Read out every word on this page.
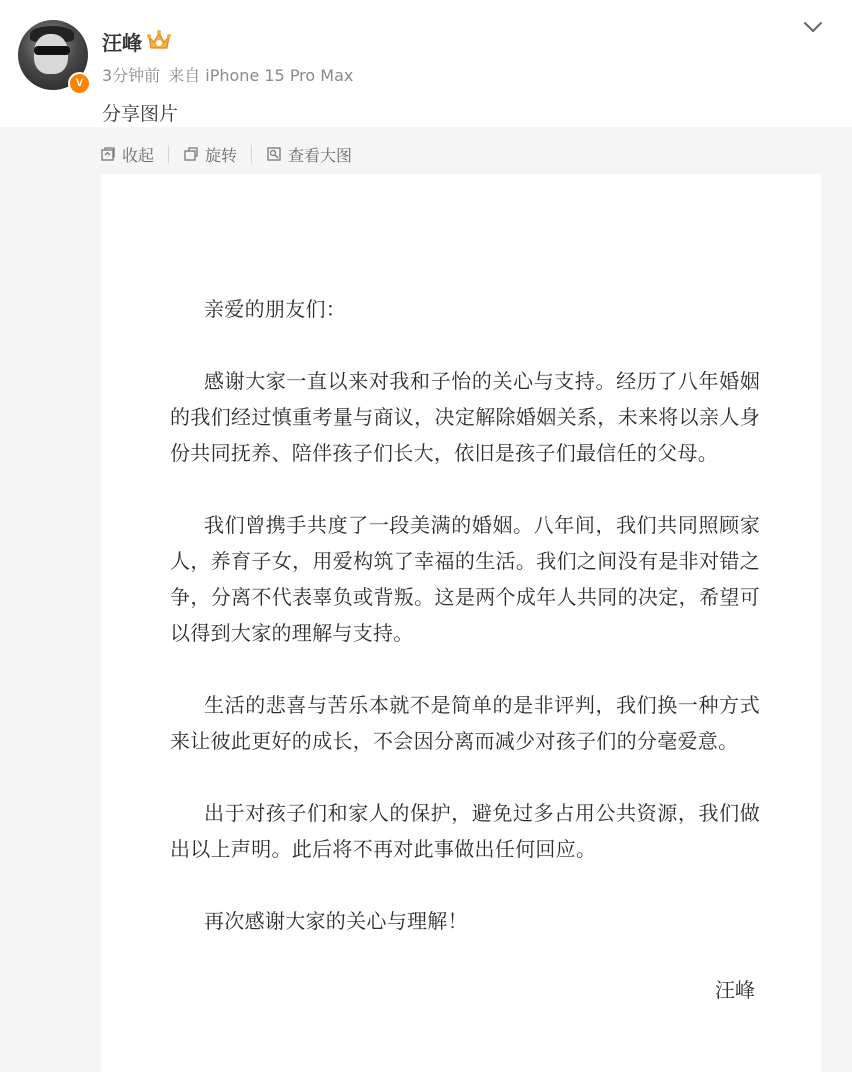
V
汪峰
3分钟前 来自 iPhone 15 Pro Max
分享图片
收起	旋转	查看大图

亲爱的朋友们：

感谢大家一直以来对我和子怡的关心与支持。经历了八年婚姻的我们经过慎重考量与商议，决定解除婚姻关系，未来将以亲人身份共同抚养、陪伴孩子们长大，依旧是孩子们最信任的父母。

我们曾携手共度了一段美满的婚姻。八年间，我们共同照顾家人，养育子女，用爱构筑了幸福的生活。我们之间没有是非对错之争，分离不代表辜负或背叛。这是两个成年人共同的决定，希望可以得到大家的理解与支持。

生活的悲喜与苦乐本就不是简单的是非评判，我们换一种方式来让彼此更好的成长，不会因分离而减少对孩子们的分毫爱意。

出于对孩子们和家人的保护，避免过多占用公共资源，我们做出以上声明。此后将不再对此事做出任何回应。

再次感谢大家的关心与理解！

汪峰
